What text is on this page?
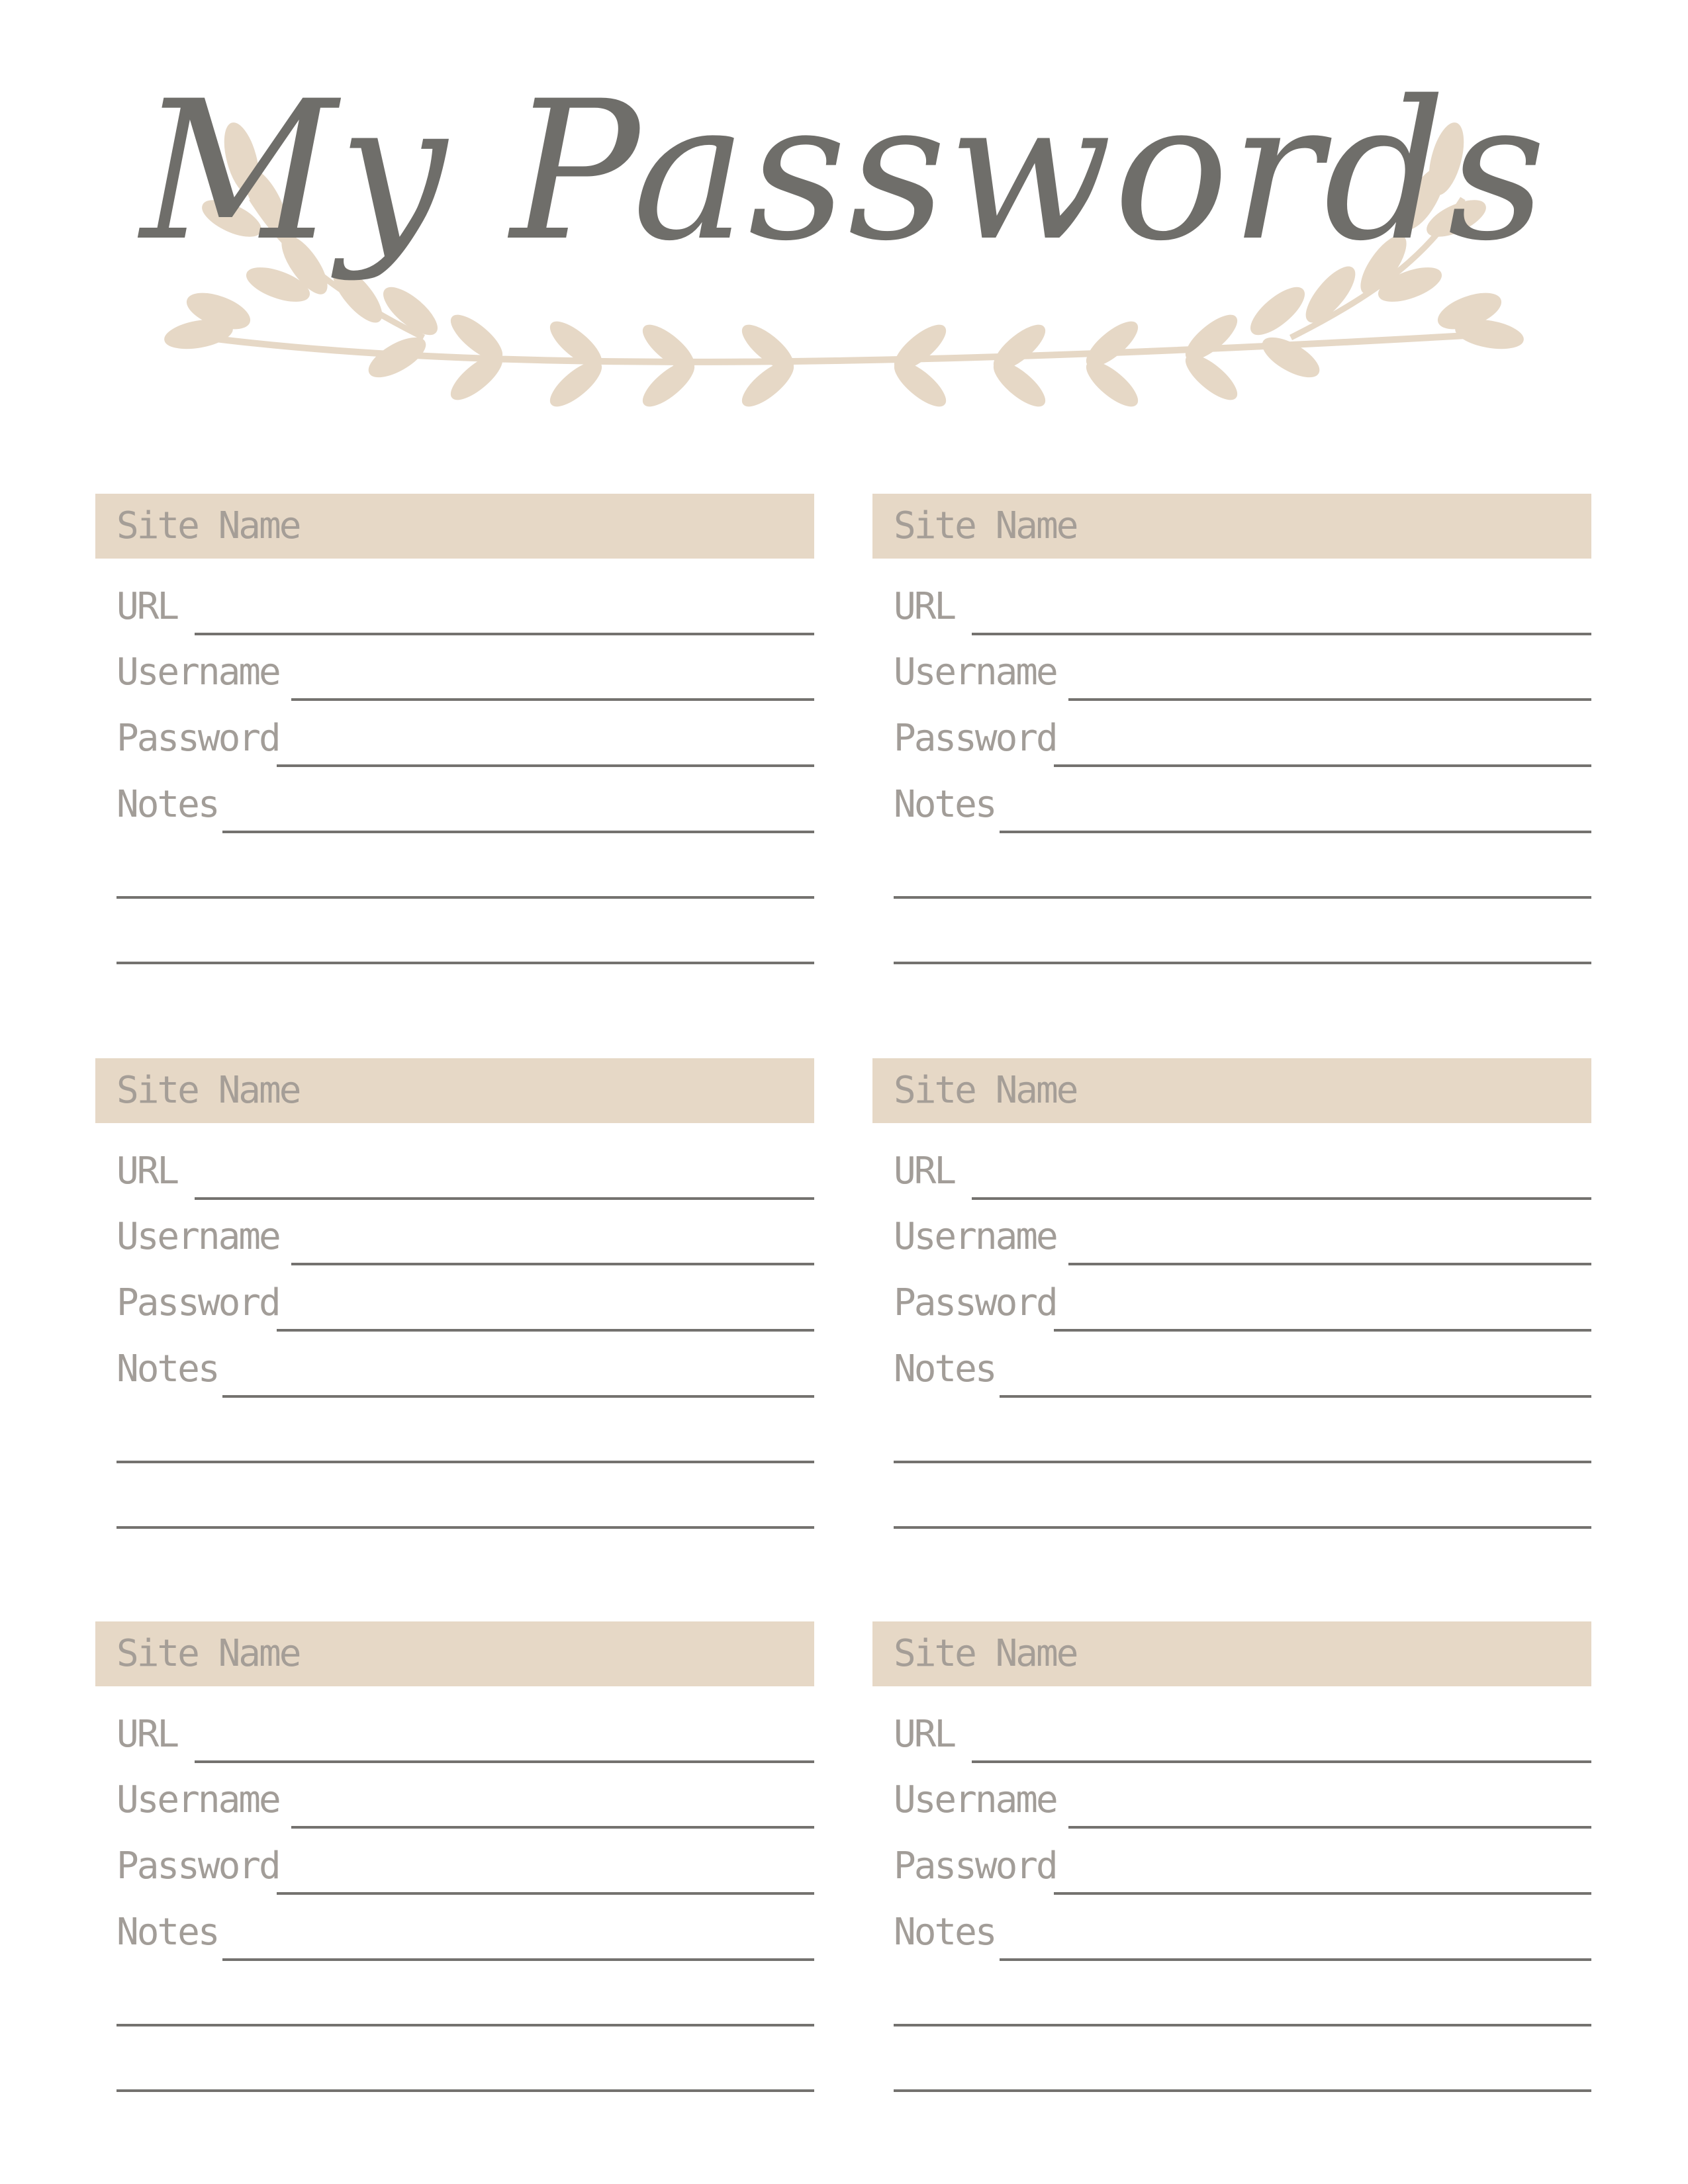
My Passwords
Site Name
URL
Username
Password
Notes
Site Name
URL
Username
Password
Notes
Site Name
URL
Username
Password
Notes
Site Name
URL
Username
Password
Notes
Site Name
URL
Username
Password
Notes
Site Name
URL
Username
Password
Notes
